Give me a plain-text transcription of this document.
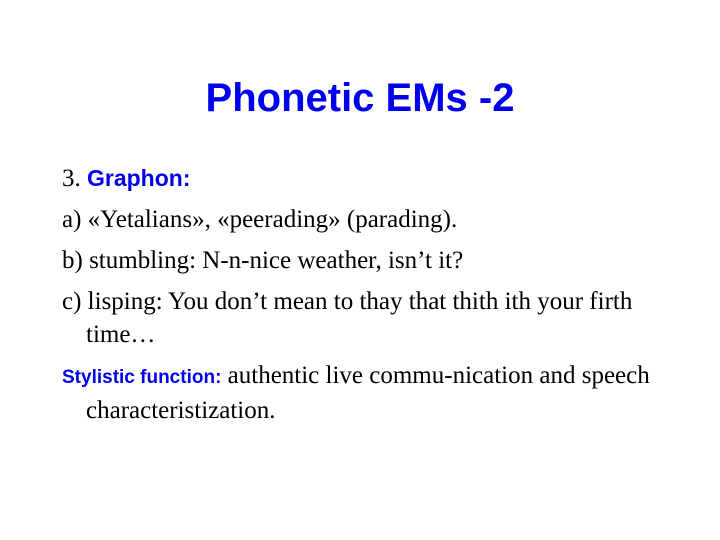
Phonetic EMs -2

3. Graphon:

a) «Yetalians», «peerading» (parading).

b) stumbling: N-n-nice weather, isn’t it?

c) lisping: You don’t mean to thay that thith ith your firth time…

Stylistic function: authentic live commu-nication and speech characteristization.
